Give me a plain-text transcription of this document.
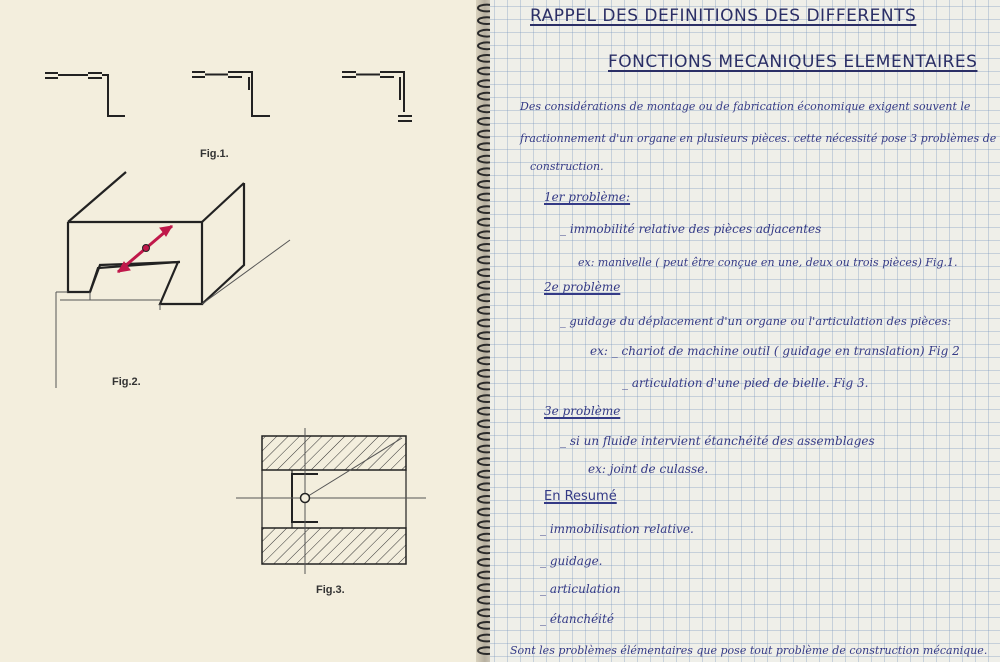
Fig.1.
Fig.2.
Fig.3.
RAPPEL DES DEFINITIONS DES DIFFERENTS
FONCTIONS MECANIQUES ELEMENTAIRES
Des considérations de montage ou de fabrication économique exigent souvent le
fractionnement d'un organe en plusieurs pièces. cette nécessité pose 3 problèmes de
construction.
1er problème:
_ immobilité relative des pièces adjacentes
ex: manivelle ( peut être conçue en une, deux ou trois pièces) Fig.1.
2e problème
_ guidage du déplacement d'un organe ou l'articulation des pièces:
ex: _ chariot de machine outil ( guidage en translation) Fig 2
_ articulation d'une pied de bielle. Fig 3.
3e problème
_ si un fluide intervient étanchéité des assemblages
ex: joint de culasse.
En Resumé
_ immobilisation relative.
_ guidage.
_ articulation
_ étanchéité
Sont les problèmes élémentaires que pose tout problème de construction mécanique.
